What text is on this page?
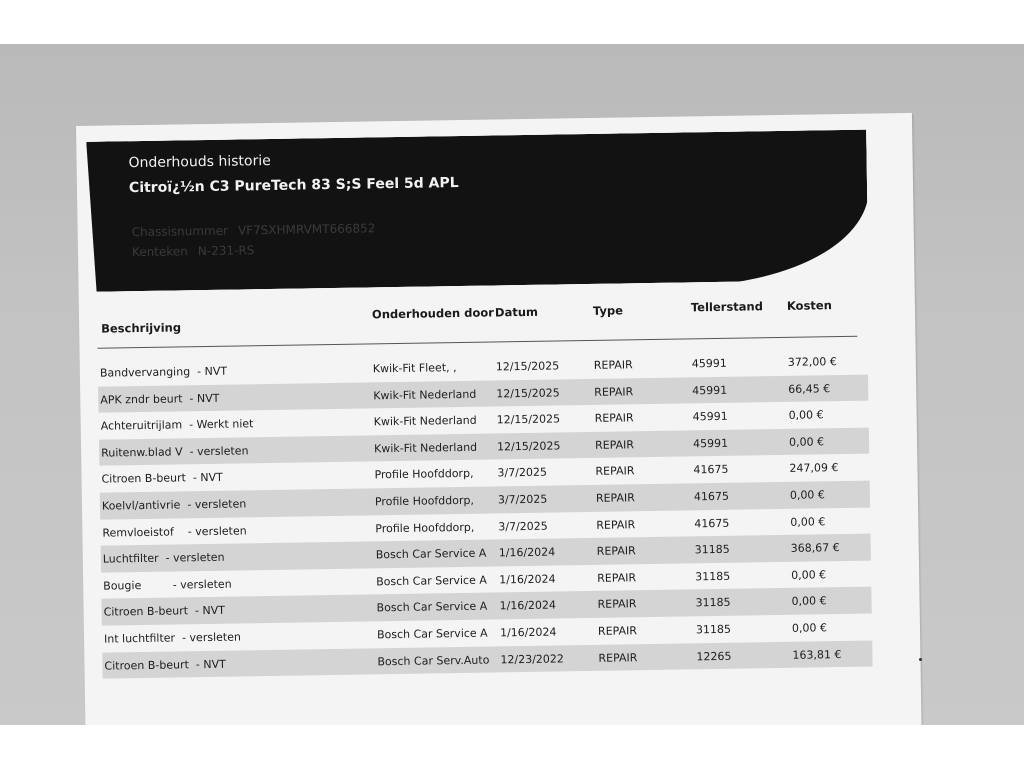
Onderhouds historie
Citroï¿½n C3 PureTech 83 S;S Feel 5d APL
Chassisnummer VF7SXHMRVMT666852
Kenteken N-231-RS
Beschrijving
Onderhouden door Datum	Type	Tellerstand Kosten
Bandvervanging  - NVT	Kwik-Fit Fleet, ,	12/15/2025	REPAIR	45991	372,00 €
APK zndr beurt  - NVT	Kwik-Fit Nederland 12/15/2025	REPAIR	45991	66,45 €
Achteruitrijlam  - Werkt niet	Kwik-Fit Nederland 12/15/2025	REPAIR	45991	0,00 €
Ruitenw.blad V  - versleten	Kwik-Fit Nederland 12/15/2025	REPAIR	45991	0,00 €
Citroen B-beurt  - NVT	Profile Hoofddorp, 3/7/2025	REPAIR	41675	247,09 €
Koelvl/antivrie  - versleten	Profile Hoofddorp, 3/7/2025	REPAIR	41675	0,00 €
Remvloeistof    - versleten	Profile Hoofddorp, 3/7/2025	REPAIR	41675	0,00 €
Luchtfilter  - versleten	Bosch Car Service A 1/16/2024	REPAIR	31185	368,67 €
Bougie         - versleten	Bosch Car Service A 1/16/2024	REPAIR	31185	0,00 €
Citroen B-beurt  - NVT	Bosch Car Service A 1/16/2024	REPAIR	31185	0,00 €
Int luchtfilter  - versleten	Bosch Car Service A 1/16/2024	REPAIR	31185	0,00 €
Citroen B-beurt  - NVT	Bosch Car Serv.Auto 12/23/2022	REPAIR	12265	163,81 €
